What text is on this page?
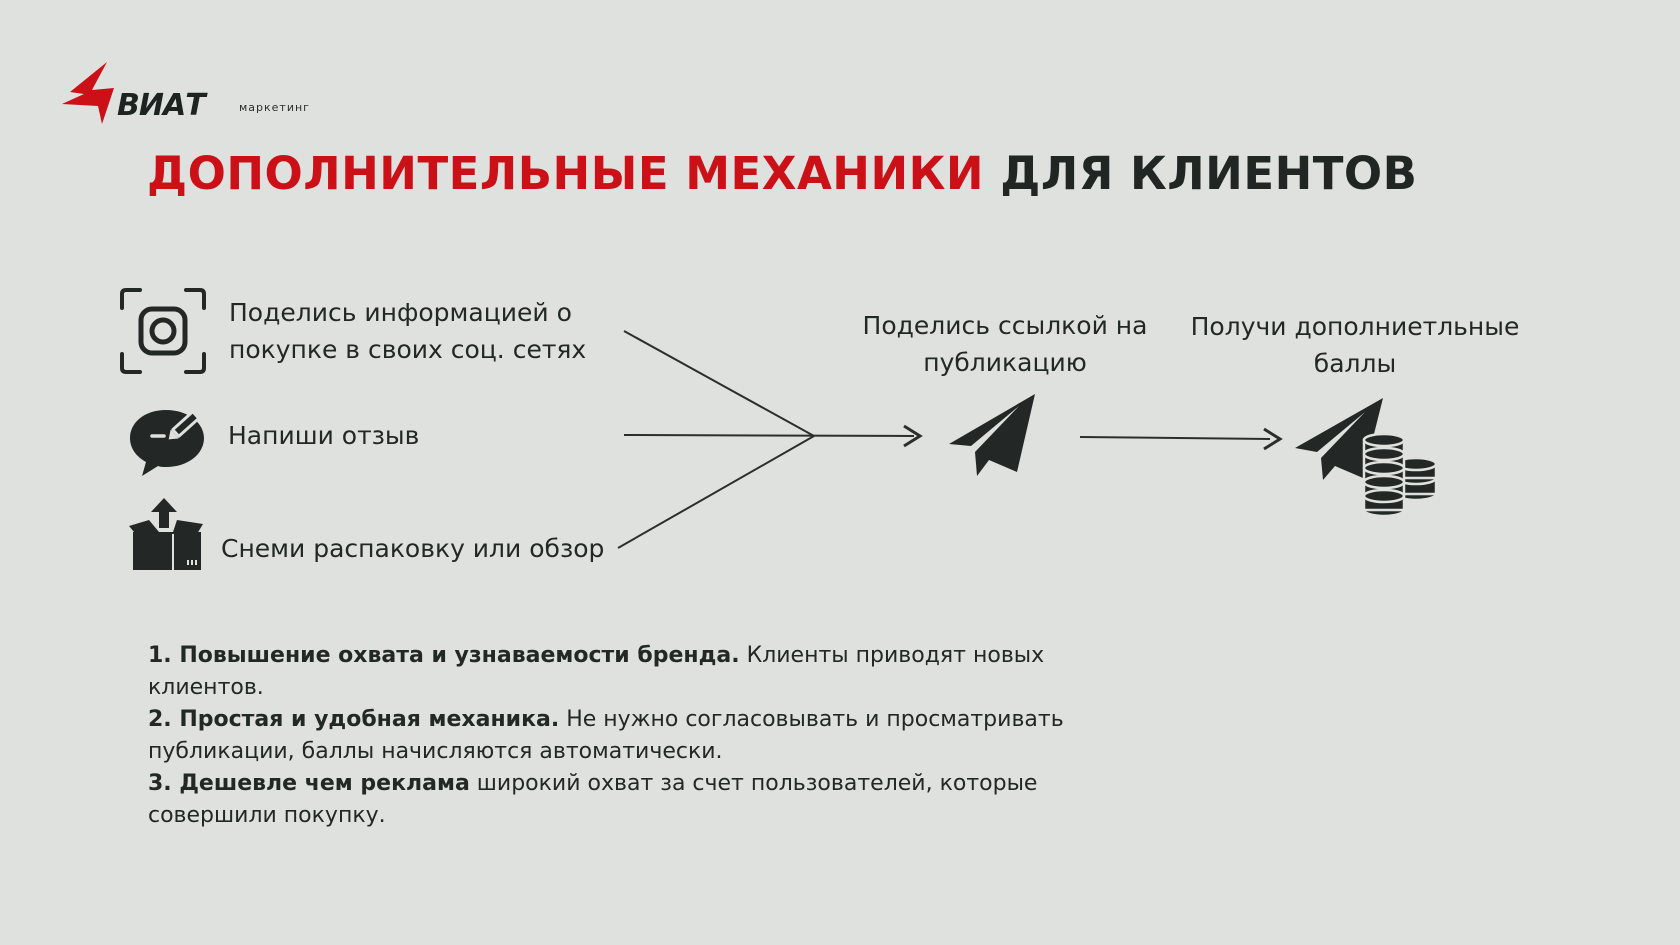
ВИАТ	маркетинг
ДОПОЛНИТЕЛЬНЫЕ МЕХАНИКИ ДЛЯ КЛИЕНТОВ
Поделись информацией о
покупке в своих соц. сетях
Напиши отзыв
Снеми распаковку или обзор
Поделись ссылкой на
публикацию
Получи дополниетльные
баллы

1. Повышение охвата и узнаваемости бренда. Клиенты приводят новых клиентов.

2. Простая и удобная механика. Не нужно согласовывать и просматривать публикации, баллы начисляются автоматически.

3. Дешевле чем реклама широкий охват за счет пользователей, которые совершили покупку.
